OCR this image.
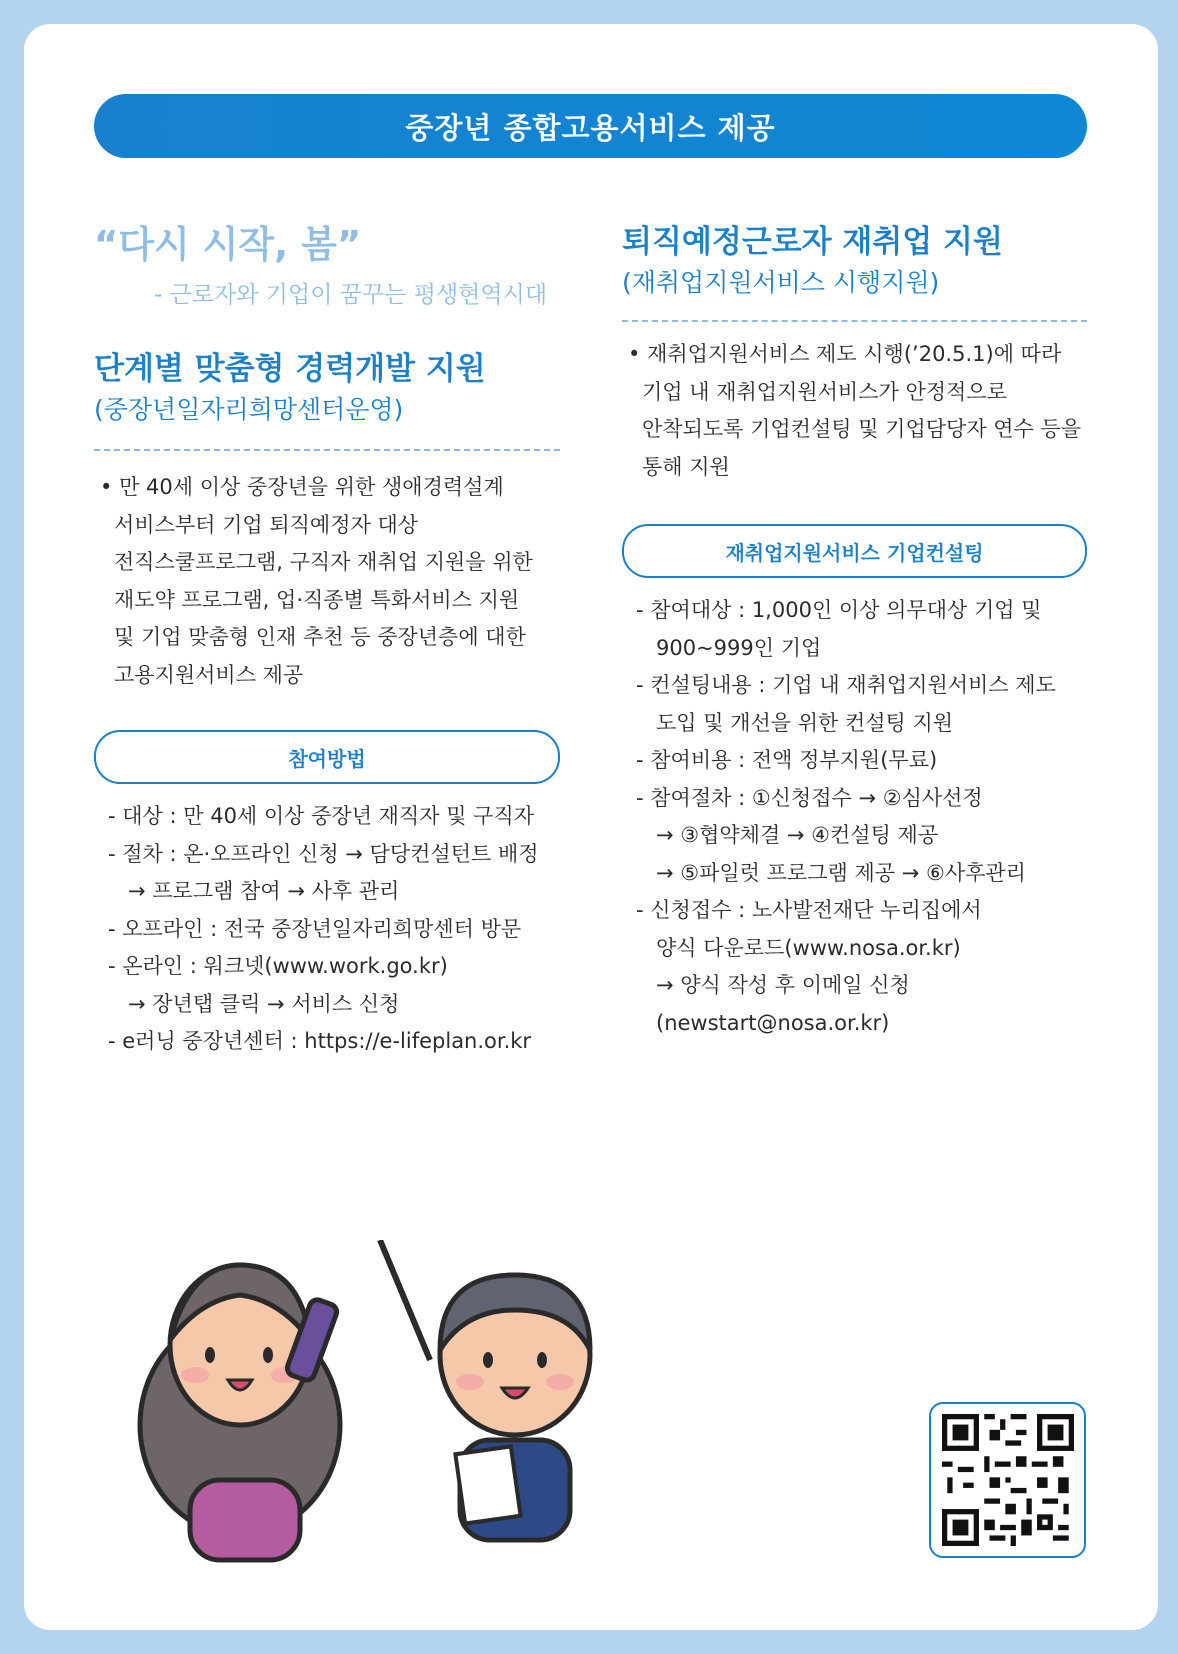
중장년 종합고용서비스 제공
“다시 시작, 봄”
- 근로자와 기업이 꿈꾸는 평생현역시대
단계별 맞춤형 경력개발 지원
(중장년일자리희망센터운영)
• 만 40세 이상 중장년을 위한 생애경력설계
서비스부터 기업 퇴직예정자 대상
전직스쿨프로그램, 구직자 재취업 지원을 위한
재도약 프로그램, 업·직종별 특화서비스 지원
및 기업 맞춤형 인재 추천 등 중장년층에 대한
고용지원서비스 제공
참여방법
- 대상 : 만 40세 이상 중장년 재직자 및 구직자
- 절차 : 온·오프라인 신청 → 담당컨설턴트 배정
→ 프로그램 참여 → 사후 관리
- 오프라인 : 전국 중장년일자리희망센터 방문
- 온라인 : 워크넷(www.work.go.kr)
→ 장년탭 클릭 → 서비스 신청
- e러닝 중장년센터 : https://e-lifeplan.or.kr
퇴직예정근로자 재취업 지원
(재취업지원서비스 시행지원)
• 재취업지원서비스 제도 시행(’20.5.1)에 따라
기업 내 재취업지원서비스가 안정적으로
안착되도록 기업컨설팅 및 기업담당자 연수 등을
통해 지원
재취업지원서비스 기업컨설팅
- 참여대상 : 1,000인 이상 의무대상 기업 및
900~999인 기업
- 컨설팅내용 : 기업 내 재취업지원서비스 제도
도입 및 개선을 위한 컨설팅 지원
- 참여비용 : 전액 정부지원(무료)
- 참여절차 : ①신청접수 → ②심사선정
→ ③협약체결 → ④컨설팅 제공
→ ⑤파일럿 프로그램 제공 → ⑥사후관리
- 신청접수 : 노사발전재단 누리집에서
양식 다운로드(www.nosa.or.kr)
→ 양식 작성 후 이메일 신청
(newstart@nosa.or.kr)
